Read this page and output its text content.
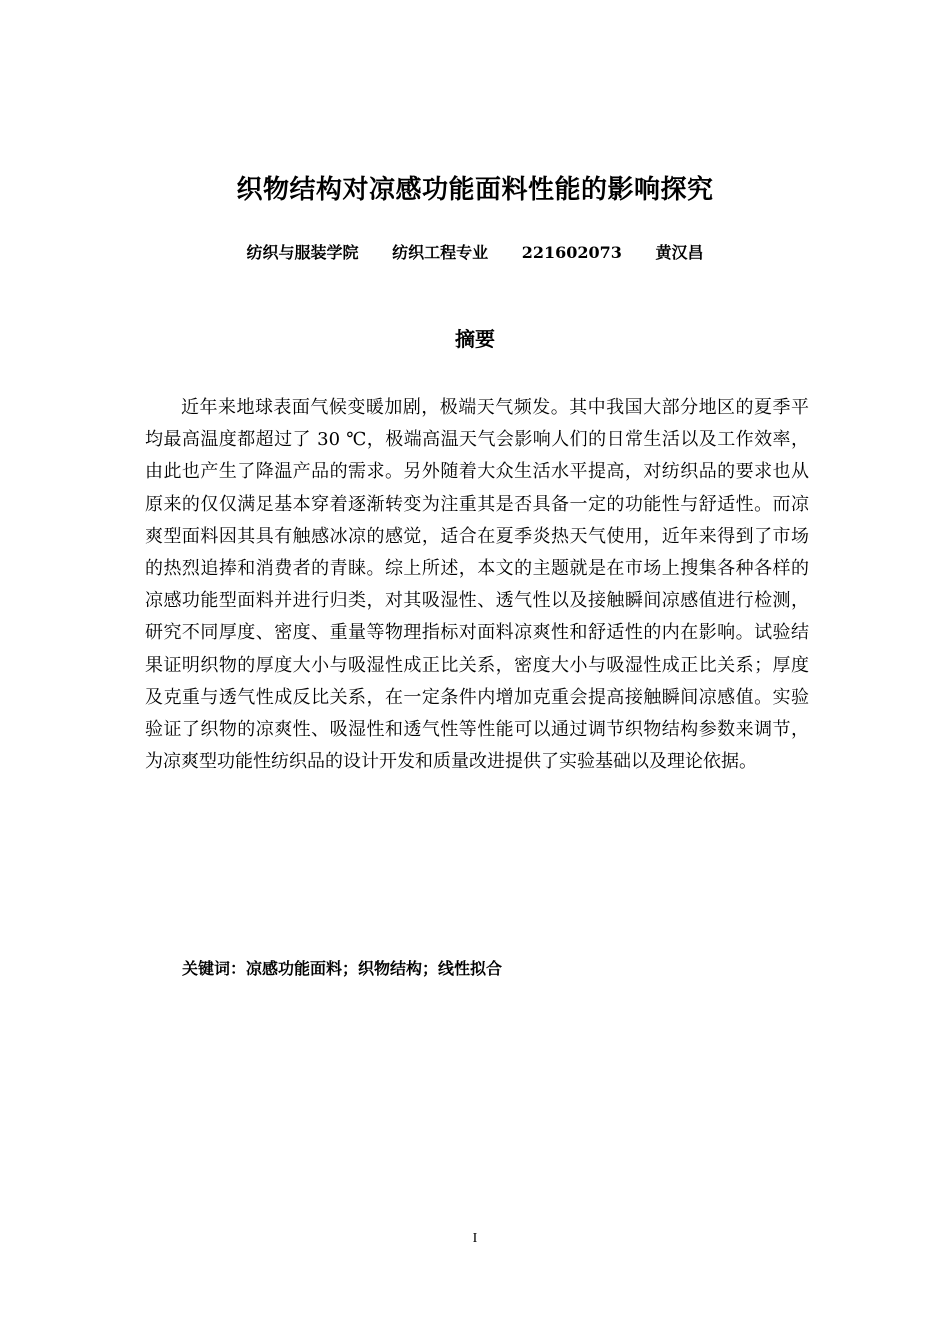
织物结构对凉感功能面料性能的影响探究
纺织与服装学院 纺织工程专业 221602073 黄汉昌
摘要

近年来地球表面气候变暖加剧，极端天气频发。其中我国大部分地区的夏季平均最高温度都超过了 30 ℃，极端高温天气会影响人们的日常生活以及工作效率，由此也产生了降温产品的需求。另外随着大众生活水平提高，对纺织品的要求也从原来的仅仅满足基本穿着逐渐转变为注重其是否具备一定的功能性与舒适性。而凉爽型面料因其具有触感冰凉的感觉，适合在夏季炎热天气使用，近年来得到了市场的热烈追捧和消费者的青睐。综上所述，本文的主题就是在市场上搜集各种各样的凉感功能型面料并进行归类，对其吸湿性、透气性以及接触瞬间凉感值进行检测，研究不同厚度、密度、重量等物理指标对面料凉爽性和舒适性的内在影响。试验结果证明织物的厚度大小与吸湿性成正比关系，密度大小与吸湿性成正比关系；厚度及克重与透气性成反比关系，在一定条件内增加克重会提高接触瞬间凉感值。实验验证了织物的凉爽性、吸湿性和透气性等性能可以通过调节织物结构参数来调节，为凉爽型功能性纺织品的设计开发和质量改进提供了实验基础以及理论依据。

关键词：凉感功能面料；织物结构；线性拟合
I
